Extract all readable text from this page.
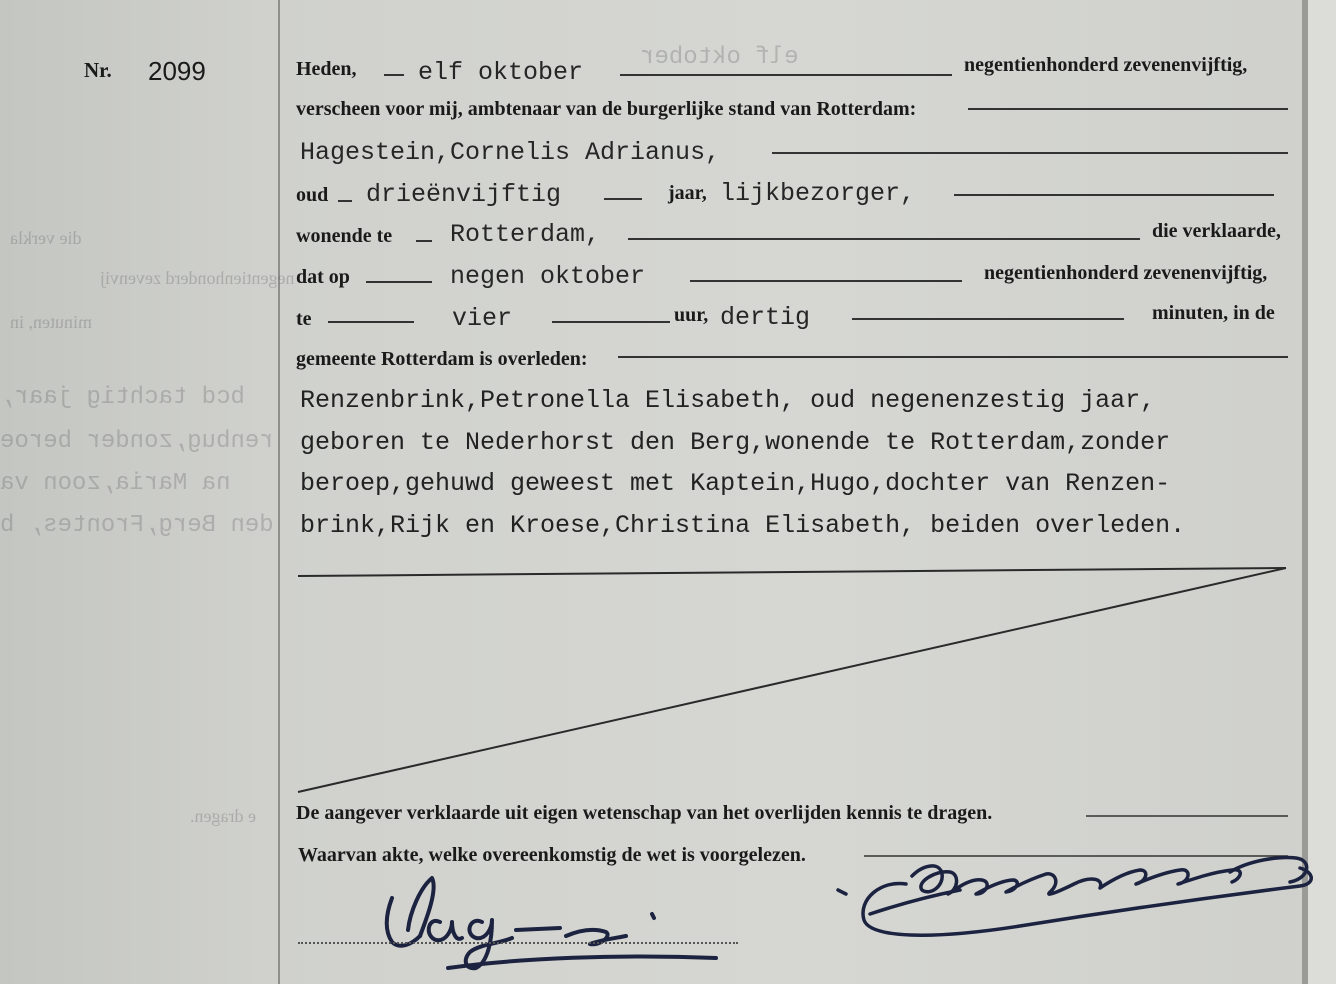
die verkla
negentienhonderd zevenvij
minuten, in
e dragen.
bcd tachtig jaar,
renbug,zonder beroe
na Maria,zoon va
den Berg,Frontes, b
elf oktober
Nr. 2099	Heden, elf oktober	negentienhonderd zevenenvijftig,
verscheen voor mij, ambtenaar van de burgerlijke stand van Rotterdam:
Hagestein,Cornelis Adrianus,
oud drieënvijftig	jaar, lijkbezorger,
wonende te Rotterdam,	die verklaarde,
dat op	negen oktober	negentienhonderd zevenenvijftig,
te	vier	uur, dertig	minuten, in de
gemeente Rotterdam is overleden:
Renzenbrink,Petronella Elisabeth, oud negenenzestig jaar,
geboren te Nederhorst den Berg,wonende te Rotterdam,zonder
beroep,gehuwd geweest met Kaptein,Hugo,dochter van Renzen-
brink,Rijk en Kroese,Christina Elisabeth, beiden overleden.
De aangever verklaarde uit eigen wetenschap van het overlijden kennis te dragen.
Waarvan akte, welke overeenkomstig de wet is voorgelezen.
